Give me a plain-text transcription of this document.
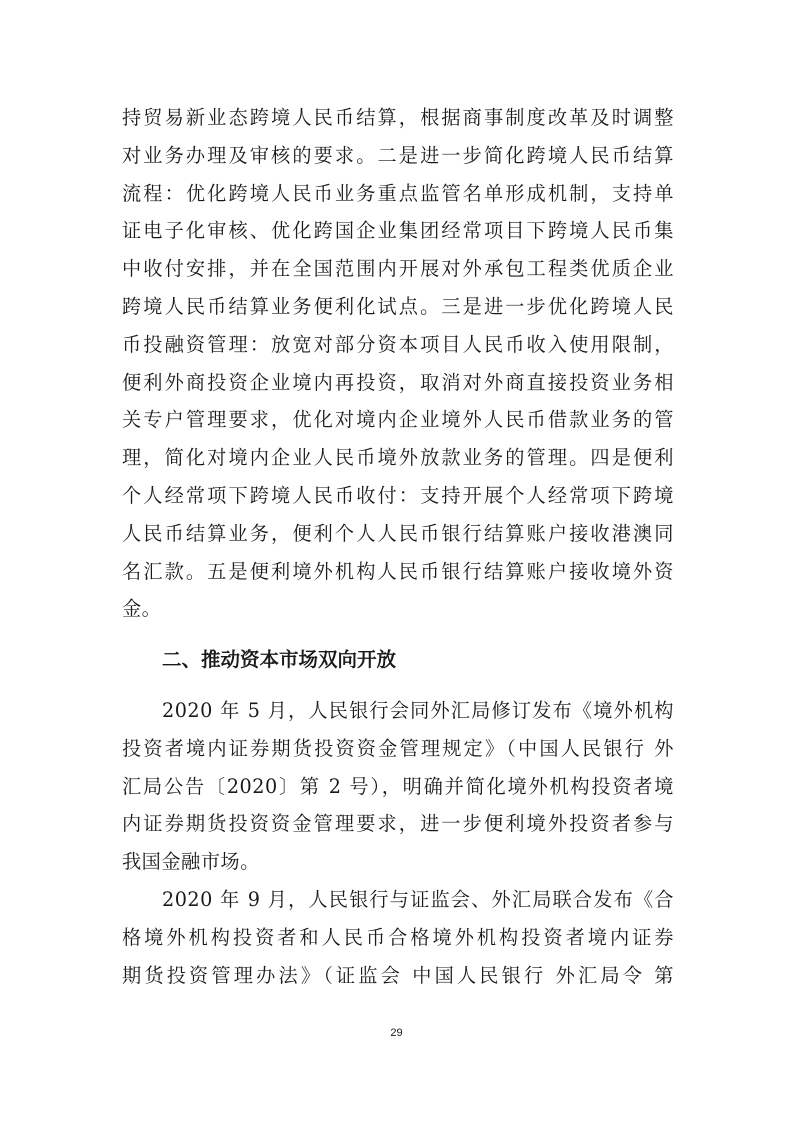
持贸易新业态跨境人民币结算，根据商事制度改革及时调整
对业务办理及审核的要求。二是进一步简化跨境人民币结算
流程：优化跨境人民币业务重点监管名单形成机制，支持单
证电子化审核、优化跨国企业集团经常项目下跨境人民币集
中收付安排，并在全国范围内开展对外承包工程类优质企业
跨境人民币结算业务便利化试点。三是进一步优化跨境人民
币投融资管理：放宽对部分资本项目人民币收入使用限制，
便利外商投资企业境内再投资，取消对外商直接投资业务相
关专户管理要求，优化对境内企业境外人民币借款业务的管
理，简化对境内企业人民币境外放款业务的管理。四是便利
个人经常项下跨境人民币收付：支持开展个人经常项下跨境
人民币结算业务，便利个人人民币银行结算账户接收港澳同
名汇款。五是便利境外机构人民币银行结算账户接收境外资
金。
二、推动资本市场双向开放
2020 年 5 月，人民银行会同外汇局修订发布《境外机构
投资者境内证券期货投资资金管理规定》（中国人民银行 外
汇局公告〔2020〕第 2 号），明确并简化境外机构投资者境
内证券期货投资资金管理要求，进一步便利境外投资者参与
我国金融市场。
2020 年 9 月，人民银行与证监会、外汇局联合发布《合
格境外机构投资者和人民币合格境外机构投资者境内证券
期货投资管理办法》（证监会 中国人民银行 外汇局令 第
29
